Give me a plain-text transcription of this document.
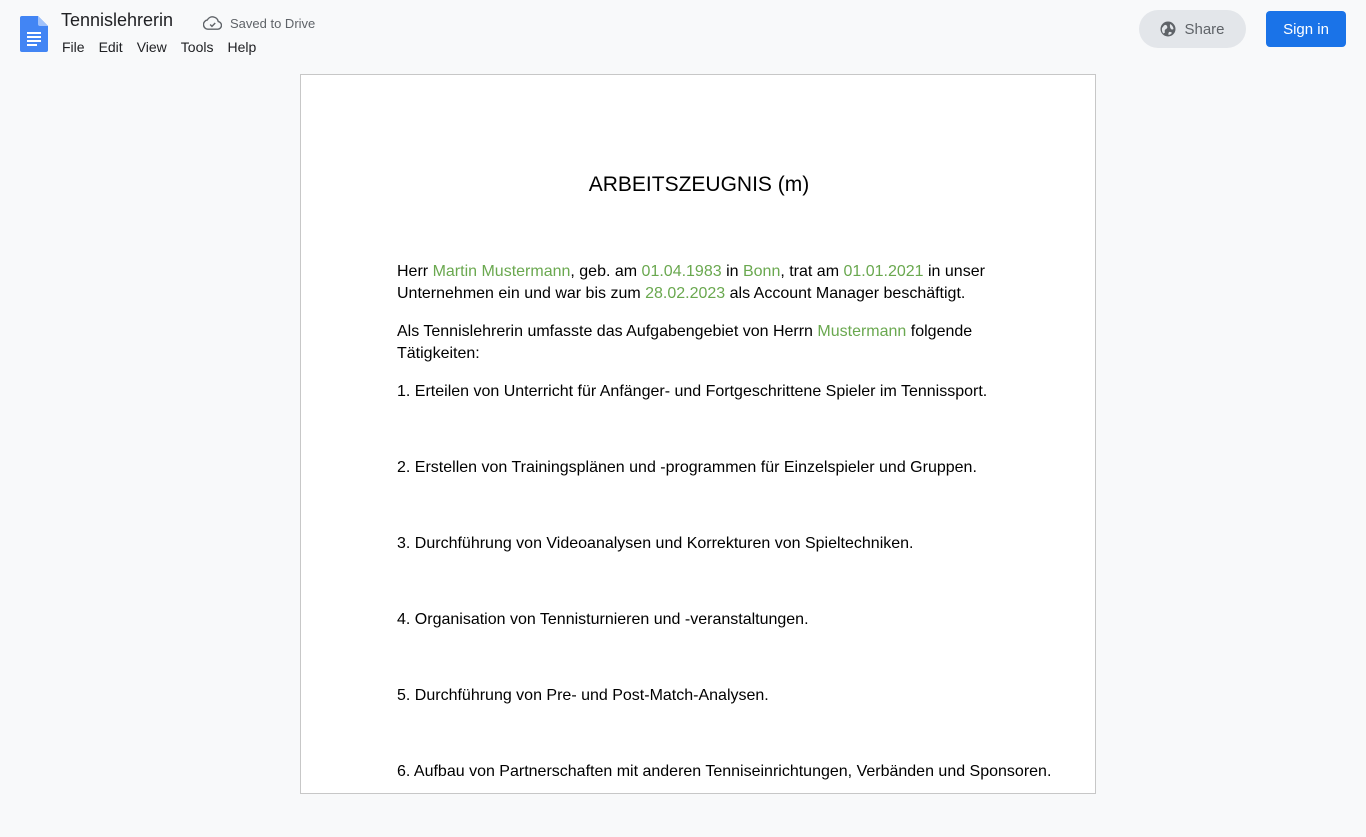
Tennislehrerin	Saved to Drive
File	Edit	View	Tools	Help
Share	Sign in
ARBEITSZEUGNIS (m)

Herr Martin Mustermann, geb. am 01.04.1983 in Bonn, trat am 01.01.2021 in unser Unternehmen ein und war bis zum 28.02.2023 als Account Manager beschäftigt.

Als Tennislehrerin umfasste das Aufgabengebiet von Herrn Mustermann folgende Tätigkeiten:

1. Erteilen von Unterricht für Anfänger- und Fortgeschrittene Spieler im Tennissport.

2. Erstellen von Trainingsplänen und -programmen für Einzelspieler und Gruppen.

3. Durchführung von Videoanalysen und Korrekturen von Spieltechniken.

4. Organisation von Tennisturnieren und -veranstaltungen.

5. Durchführung von Pre- und Post-Match-Analysen.

6. Aufbau von Partnerschaften mit anderen Tenniseinrichtungen, Verbänden und Sponsoren.
